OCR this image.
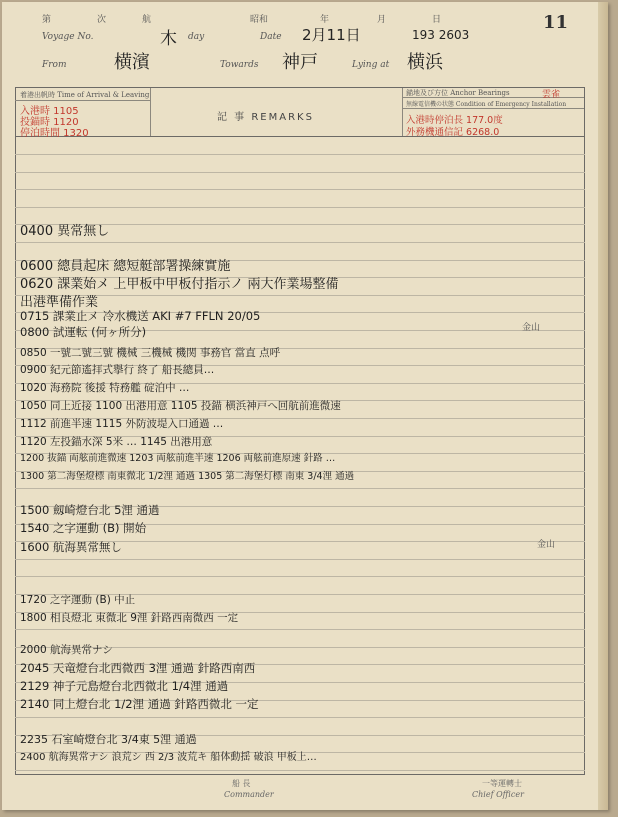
第	次	航	昭和	年	月	日	11
Voyage No.	木 day	Date 2月11日	193 2603
From	横濱	Towards 神戸	Lying at 横浜
着港出帆時 Time of Arrival & Leaving
入港時 1105
投錨時 1120
停泊時間 1320
記 事 REMARKS
錨地及び方位 Anchor Bearings	雲雀
無線電信機の状態 Condition of Emergency Installation
入港時停泊長 177.0度
外務機通信記 6268.0
0400 異常無し
0600 總員起床 總短艇部署操練實施
0620 課業始メ 上甲板中甲板付指示ノ 兩大作業場整備
出港準備作業
0715 課業止メ 冷水機送 AKI #7 FFLN 20/05
0800 試運転 (何ヶ所分)
0850 一號二號三號 機械 三機械 機関 事務官 當直 点呼
0900 紀元節遙拝式擧行 終了 船長總員…
1020 海務院 後援 特務艦 碇泊中 …
1050 同上近接 1100 出港用意 1105 投錨 横浜神戸へ回航前進微速
1112 前進半速 1115 外防波堤入口通過 …
1120 左投錨水深 5米 … 1145 出港用意
1200 抜錨 両舷前進微速 1203 両舷前進半速 1206 両舷前進原速 針路 …
1300 第二海堡燈標 南東微北 1/2浬 通過 1305 第二海堡灯標 南東 3/4浬 通過
1500 劔崎燈台北 5浬 通過
1540 之字運動 (B) 開始
1600 航海異常無し
1720 之字運動 (B) 中止
1800 相良燈北 東微北 9浬 針路西南微西 一定
2000 航海異常ナシ
2045 天竜燈台北西微西 3浬 通過 針路西南西
2129 神子元島燈台北西微北 1/4浬 通過
2140 同上燈台北 1/2浬 通過 針路西微北 一定
2235 石室崎燈台北 3/4東 5浬 通過
2400 航海異常ナシ 浪荒シ 西 2/3 波荒キ 船体動揺 破浪 甲板上…
金山
金山
船 長
Commander
一等運轉士
Chief Officer
